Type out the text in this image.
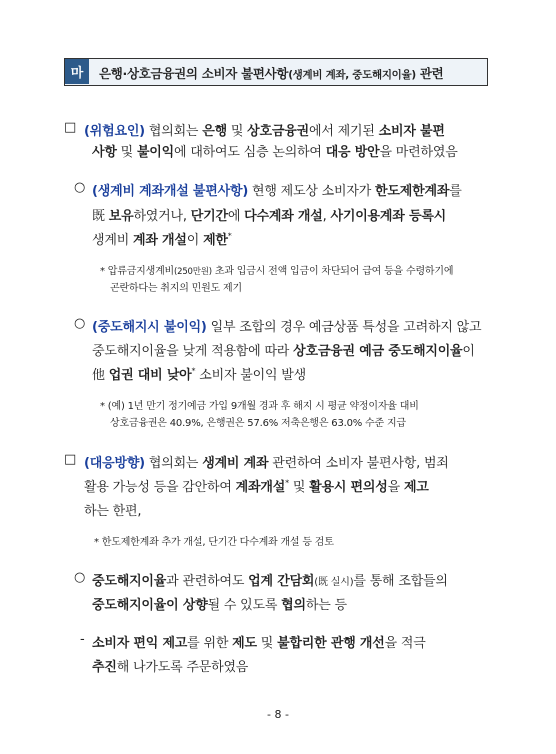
마	은행·상호금융권의 소비자 불편사항(생계비 계좌, 중도해지이율) 관련
□ (위험요인) 협의회는 은행 및 상호금융권에서 제기된 소비자 불편
사항 및 불이익에 대하여도 심층 논의하여 대응 방안을 마련하였음
○ (생계비 계좌개설 불편사항) 현행 제도상 소비자가 한도제한계좌를
既 보유하였거나, 단기간에 다수계좌 개설, 사기이용계좌 등록시
생계비 계좌 개설이 제한*
* 압류금지생계비(250만원) 초과 입금시 전액 입금이 차단되어 급여 등을 수령하기에
곤란하다는 취지의 민원도 제기
○ (중도해지시 불이익) 일부 조합의 경우 예금상품 특성을 고려하지 않고
중도해지이율을 낮게 적용함에 따라 상호금융권 예금 중도해지이율이
他 업권 대비 낮아* 소비자 불이익 발생
* (예) 1년 만기 정기예금 가입 9개월 경과 후 해지 시 평균 약정이자율 대비
상호금융권은 40.9%, 은행권은 57.6% 저축은행은 63.0% 수준 지급
□ (대응방향) 협의회는 생계비 계좌 관련하여 소비자 불편사항, 범죄
활용 가능성 등을 감안하여 계좌개설* 및 활용시 편의성을 제고
하는 한편,
* 한도제한계좌 추가 개설, 단기간 다수계좌 개설 등 검토
○ 중도해지이율과 관련하여도 업계 간담회(既 실시)를 통해 조합들의
중도해지이율이 상향될 수 있도록 협의하는 등
- 소비자 편익 제고를 위한 제도 및 불합리한 관행 개선을 적극
추진해 나가도록 주문하였음
- 8 -
